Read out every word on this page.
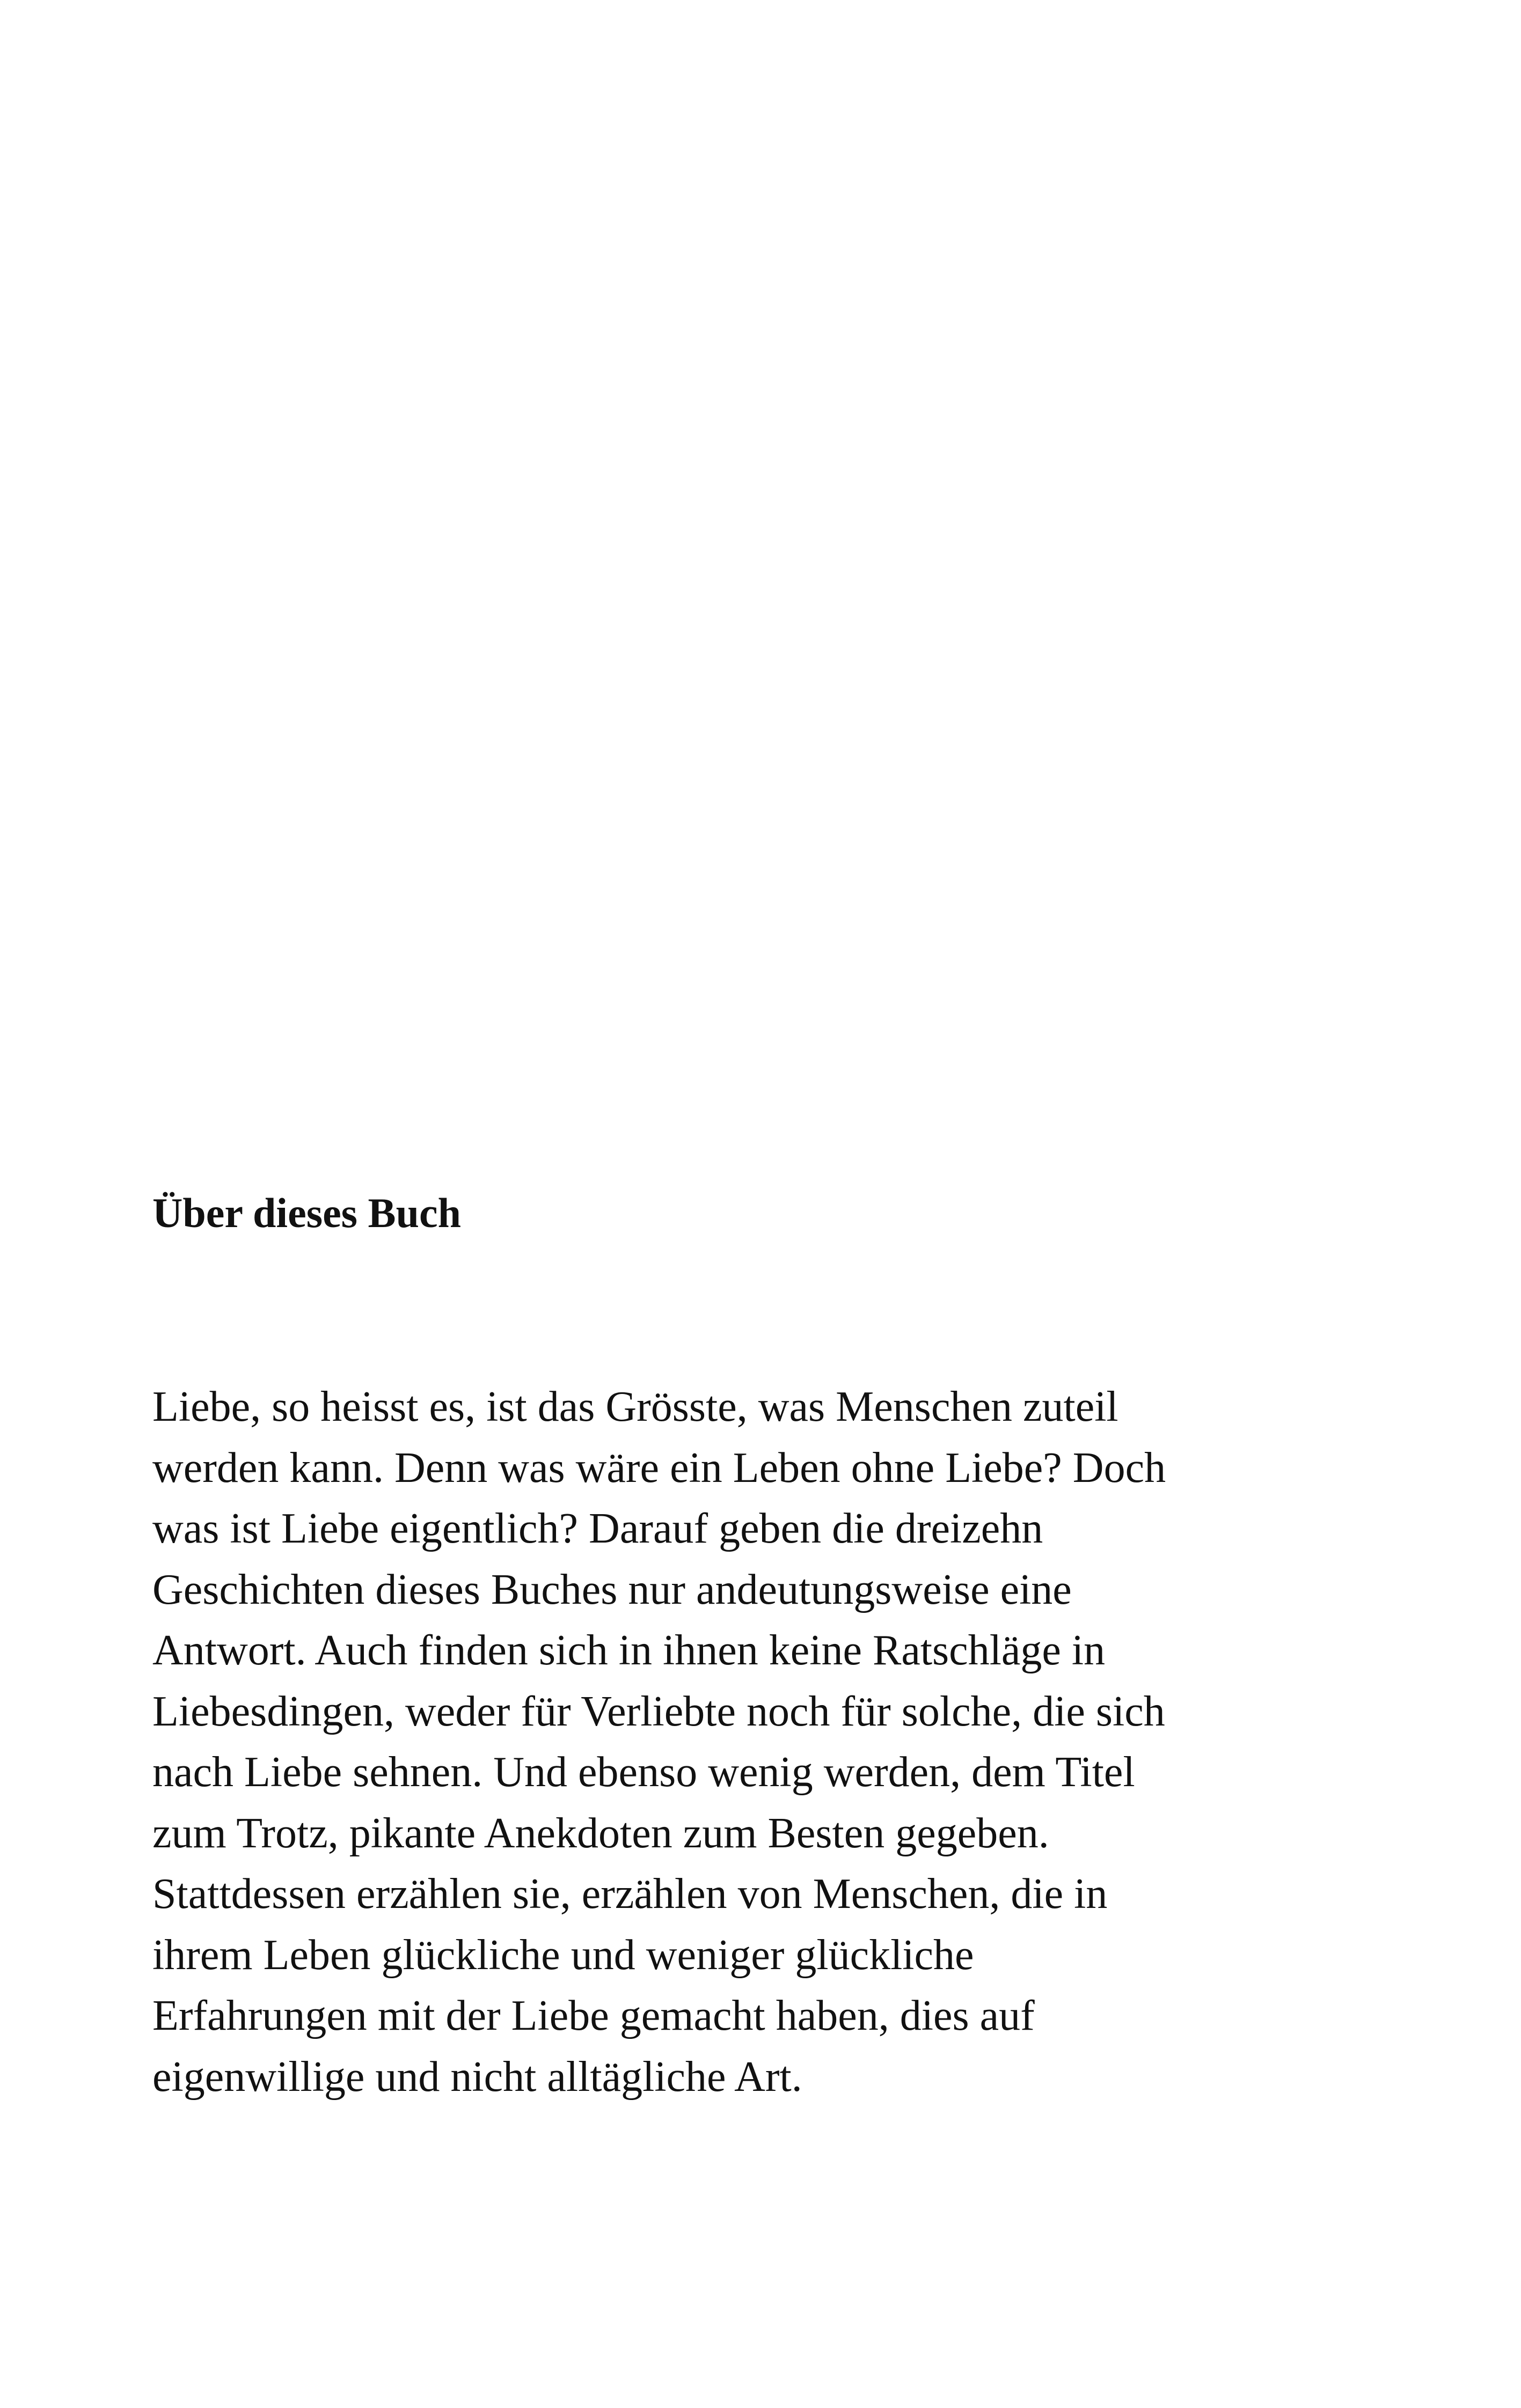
Über dieses Buch
Liebe, so heisst es, ist das Grösste, was Menschen zuteil
werden kann. Denn was wäre ein Leben ohne Liebe? Doch
was ist Liebe eigentlich? Darauf geben die dreizehn
Geschichten dieses Buches nur andeutungsweise eine
Antwort. Auch finden sich in ihnen keine Ratschläge in
Liebesdingen, weder für Verliebte noch für solche, die sich
nach Liebe sehnen. Und ebenso wenig werden, dem Titel
zum Trotz, pikante Anekdoten zum Besten gegeben.
Stattdessen erzählen sie, erzählen von Menschen, die in
ihrem Leben glückliche und weniger glückliche
Erfahrungen mit der Liebe gemacht haben, dies auf
eigenwillige und nicht alltägliche Art.
